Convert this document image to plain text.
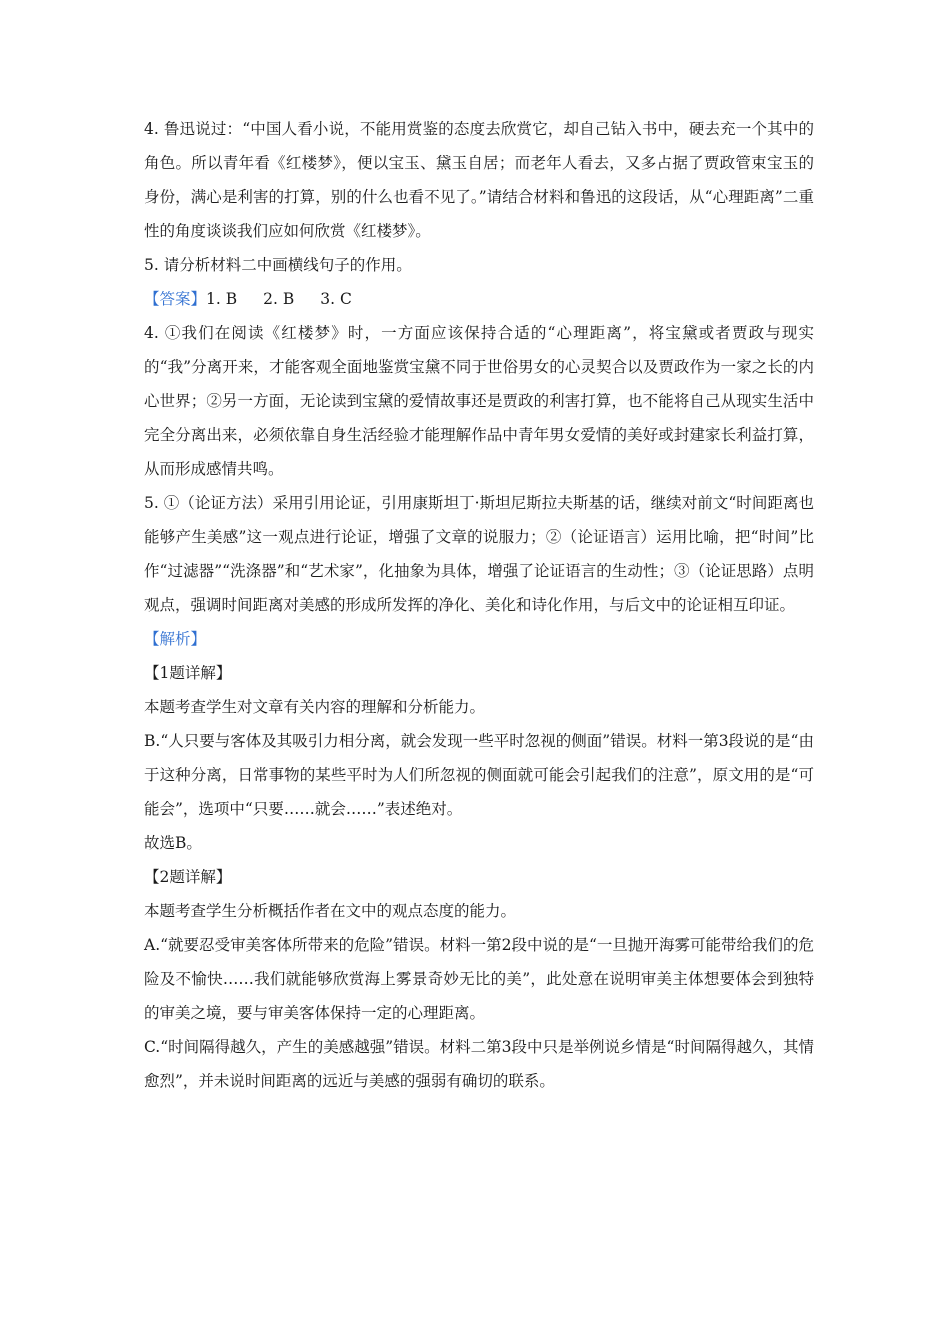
4. 鲁迅说过：“中国人看小说，不能用赏鉴的态度去欣赏它，却自己钻入书中，硬去充一个其中的角色。所以青年看《红楼梦》，便以宝玉、黛玉自居；而老年人看去，又多占据了贾政管束宝玉的身份，满心是利害的打算，别的什么也看不见了。”请结合材料和鲁迅的这段话，从“心理距离”二重性的角度谈谈我们应如何欣赏《红楼梦》。

5. 请分析材料二中画横线句子的作用。

【答案】1. B 2. B 3. C

4. ①我们在阅读《红楼梦》时，一方面应该保持合适的“心理距离”，将宝黛或者贾政与现实的“我”分离开来，才能客观全面地鉴赏宝黛不同于世俗男女的心灵契合以及贾政作为一家之长的内心世界；②另一方面，无论读到宝黛的爱情故事还是贾政的利害打算，也不能将自己从现实生活中完全分离出来，必须依靠自身生活经验才能理解作品中青年男女爱情的美好或封建家长利益打算，从而形成感情共鸣。

5. ①（论证方法）采用引用论证，引用康斯坦丁·斯坦尼斯拉夫斯基的话，继续对前文“时间距离也能够产生美感”这一观点进行论证，增强了文章的说服力；②（论证语言）运用比喻，把“时间”比作“过滤器”“洗涤器”和“艺术家”，化抽象为具体，增强了论证语言的生动性；③（论证思路）点明观点，强调时间距离对美感的形成所发挥的净化、美化和诗化作用，与后文中的论证相互印证。

【解析】

【1题详解】

本题考查学生对文章有关内容的理解和分析能力。

B.“人只要与客体及其吸引力相分离，就会发现一些平时忽视的侧面”错误。材料一第3段说的是“由于这种分离，日常事物的某些平时为人们所忽视的侧面就可能会引起我们的注意”，原文用的是“可能会”，选项中“只要……就会……”表述绝对。

故选B。

【2题详解】

本题考查学生分析概括作者在文中的观点态度的能力。

A.“就要忍受审美客体所带来的危险”错误。材料一第2段中说的是“一旦抛开海雾可能带给我们的危险及不愉快……我们就能够欣赏海上雾景奇妙无比的美”，此处意在说明审美主体想要体会到独特的审美之境，要与审美客体保持一定的心理距离。

C.“时间隔得越久，产生的美感越强”错误。材料二第3段中只是举例说乡情是“时间隔得越久，其情愈烈”，并未说时间距离的远近与美感的强弱有确切的联系。
